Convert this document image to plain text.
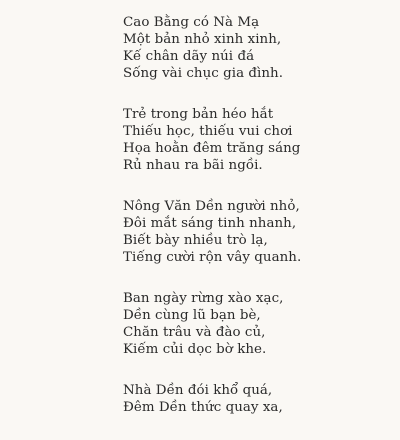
Cao Bằng có Nà Mạ
Một bản nhỏ xinh xinh,
Kế chân dãy núi đá
Sống vài chục gia đình.
Trẻ trong bản héo hắt
Thiếu học, thiếu vui chơi
Họa hoằn đêm trăng sáng
Rủ nhau ra bãi ngồi.
Nông Văn Dền người nhỏ,
Đôi mắt sáng tinh nhanh,
Biết bày nhiều trò lạ,
Tiếng cười rộn vây quanh.
Ban ngày rừng xào xạc,
Dền cùng lũ bạn bè,
Chăn trâu và đào củ,
Kiếm củi dọc bờ khe.
Nhà Dền đói khổ quá,
Đêm Dền thức quay xa,
